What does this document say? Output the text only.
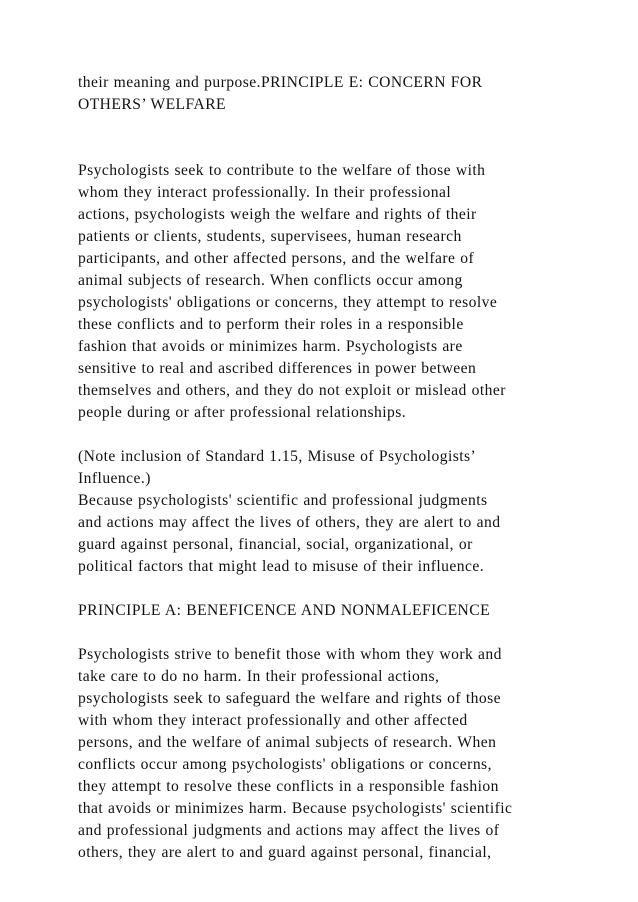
their meaning and purpose.PRINCIPLE E: CONCERN FOR
OTHERS’ WELFARE
Psychologists seek to contribute to the welfare of those with
whom they interact professionally. In their professional
actions, psychologists weigh the welfare and rights of their
patients or clients, students, supervisees, human research
participants, and other affected persons, and the welfare of
animal subjects of research. When conflicts occur among
psychologists' obligations or concerns, they attempt to resolve
these conflicts and to perform their roles in a responsible
fashion that avoids or minimizes harm. Psychologists are
sensitive to real and ascribed differences in power between
themselves and others, and they do not exploit or mislead other
people during or after professional relationships.
(Note inclusion of Standard 1.15, Misuse of Psychologists’
Influence.)
Because psychologists' scientific and professional judgments
and actions may affect the lives of others, they are alert to and
guard against personal, financial, social, organizational, or
political factors that might lead to misuse of their influence.
PRINCIPLE A: BENEFICENCE AND NONMALEFICENCE
Psychologists strive to benefit those with whom they work and
take care to do no harm. In their professional actions,
psychologists seek to safeguard the welfare and rights of those
with whom they interact professionally and other affected
persons, and the welfare of animal subjects of research. When
conflicts occur among psychologists' obligations or concerns,
they attempt to resolve these conflicts in a responsible fashion
that avoids or minimizes harm. Because psychologists' scientific
and professional judgments and actions may affect the lives of
others, they are alert to and guard against personal, financial,
